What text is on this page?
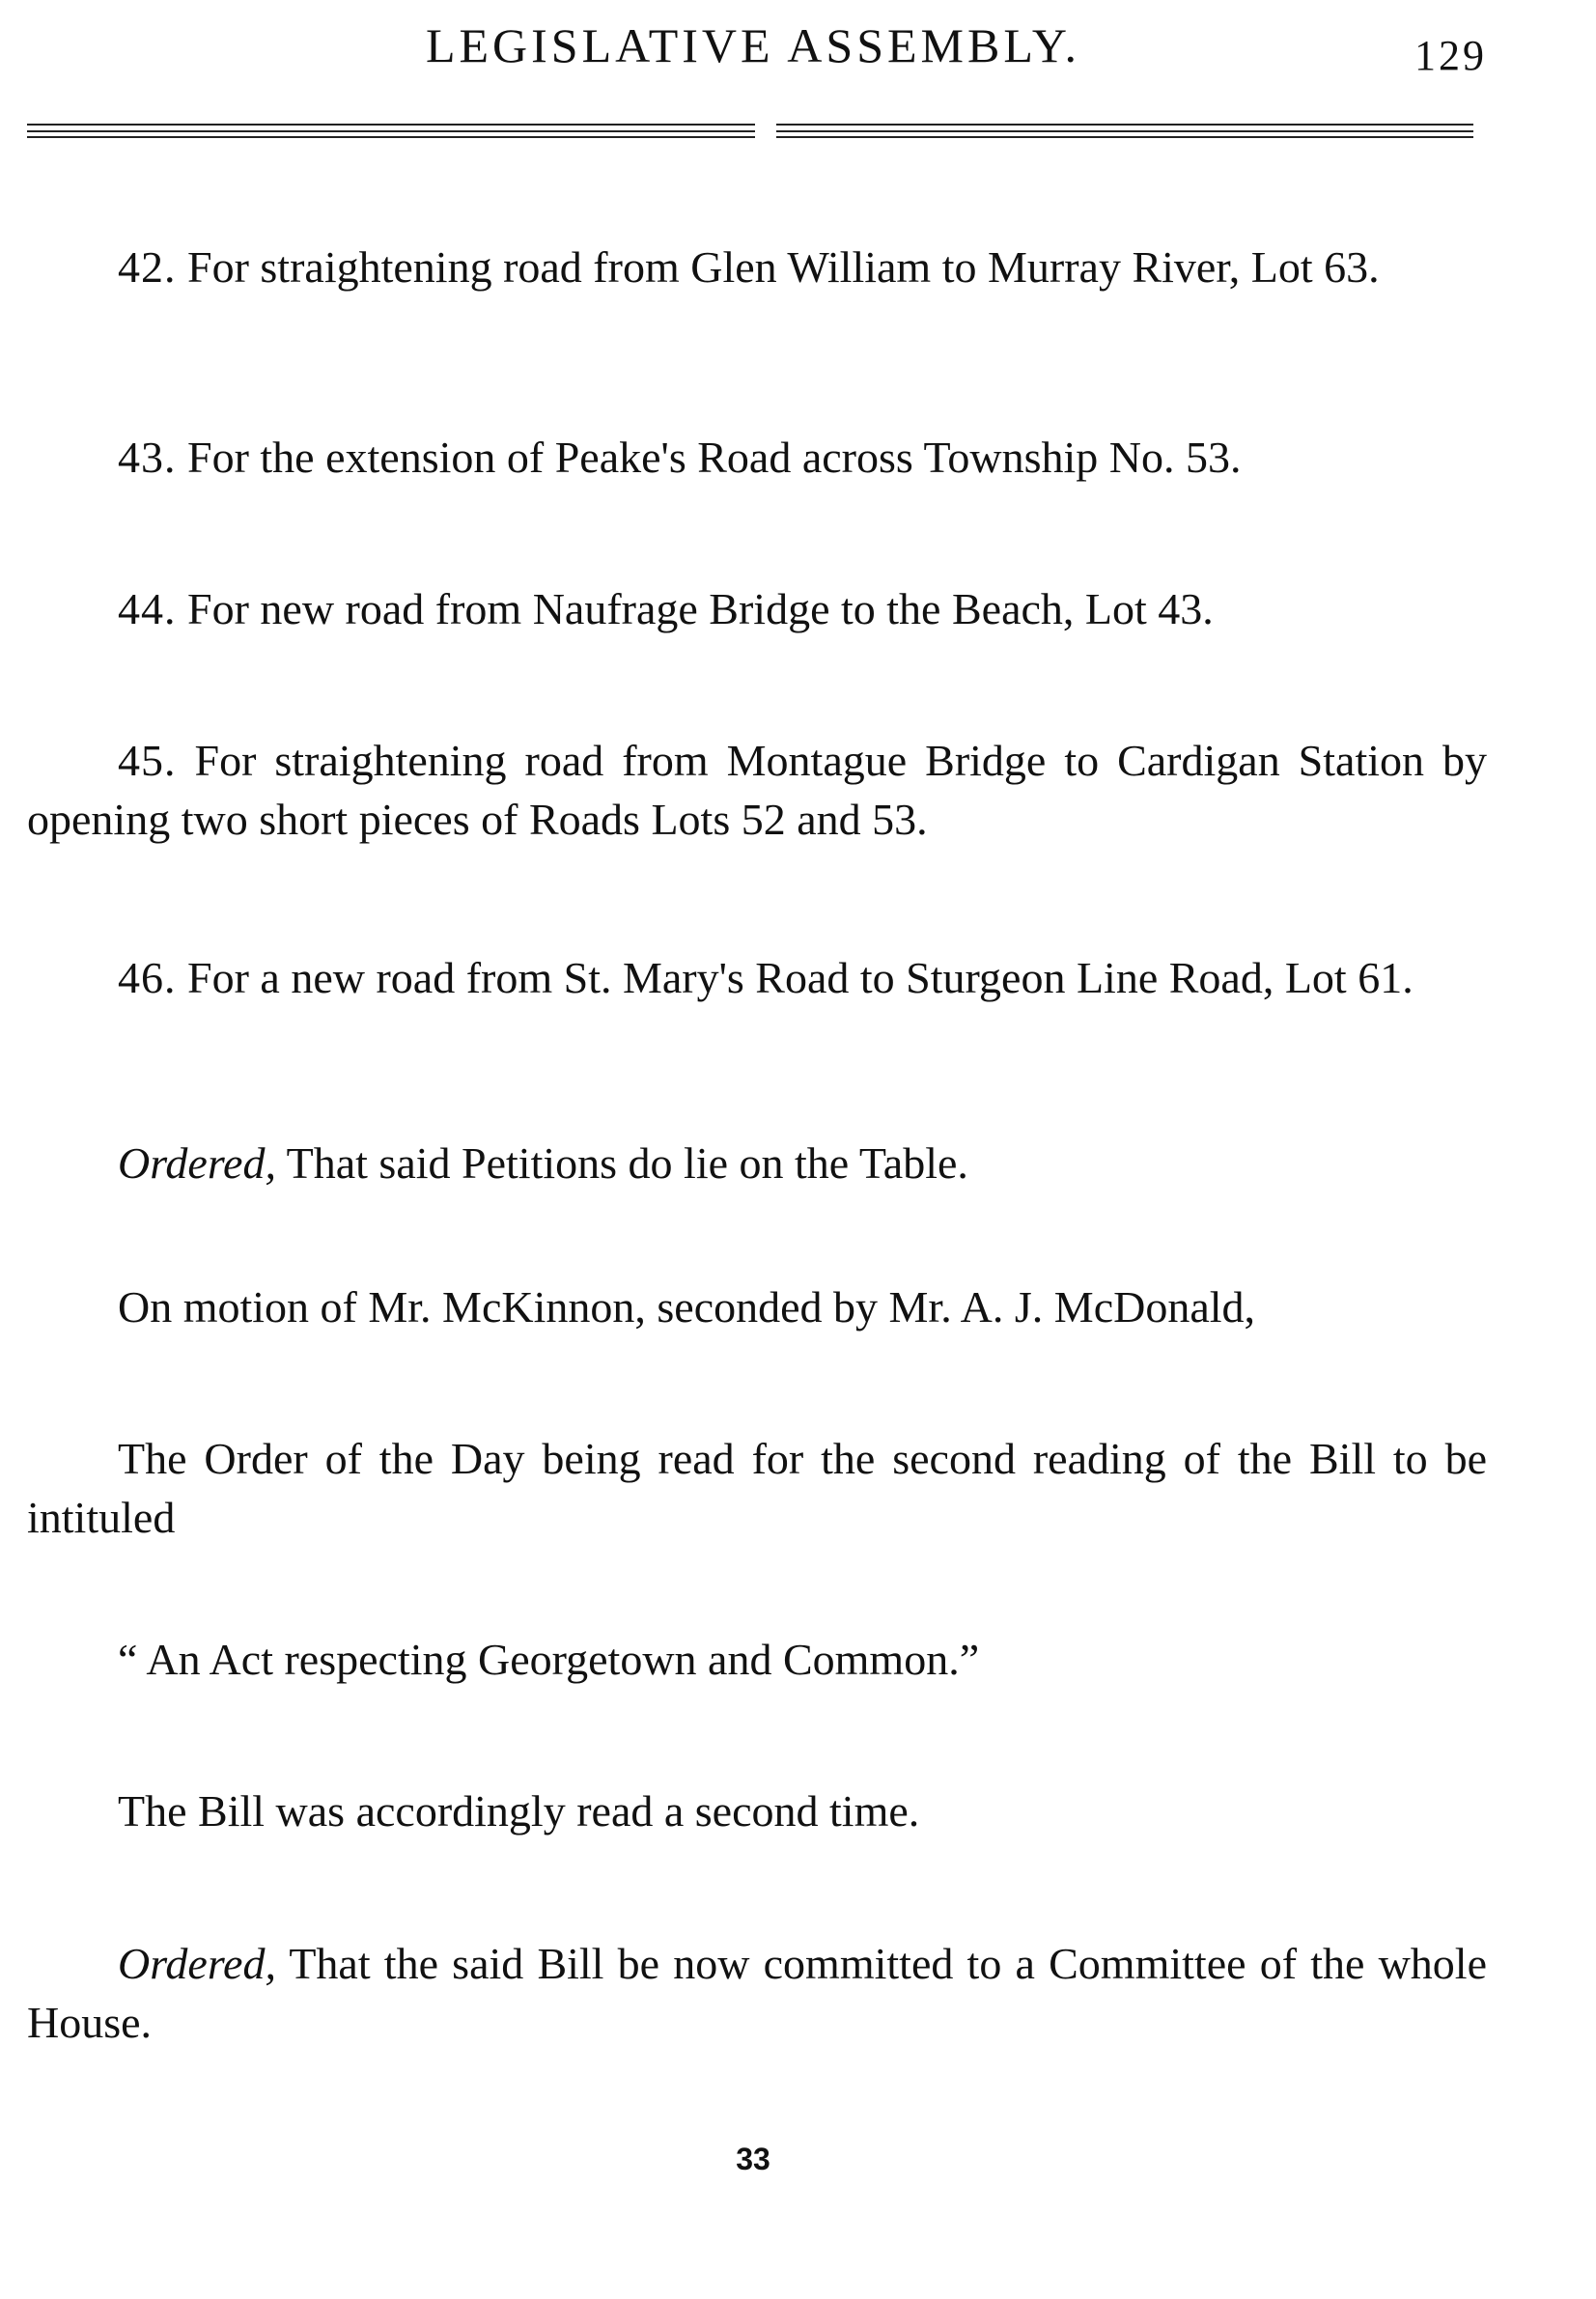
LEGISLATIVE ASSEMBLY.	129

42. For straightening road from Glen William to Murray River, Lot 63.

43. For the extension of Peake's Road across Township No. 53.

44. For new road from Naufrage Bridge to the Beach, Lot 43.

45. For straightening road from Montague Bridge to Cardigan Station by opening two short pieces of Roads Lots 52 and 53.

46. For a new road from St. Mary's Road to Sturgeon Line Road, Lot 61.

Ordered, That said Petitions do lie on the Table.

On motion of Mr. McKinnon, seconded by Mr. A. J. McDonald,

The Order of the Day being read for the second reading of the Bill to be intituled

“ An Act respecting Georgetown and Common.”

The Bill was accordingly read a second time.

Ordered, That the said Bill be now committed to a Committee of the whole House.

33
